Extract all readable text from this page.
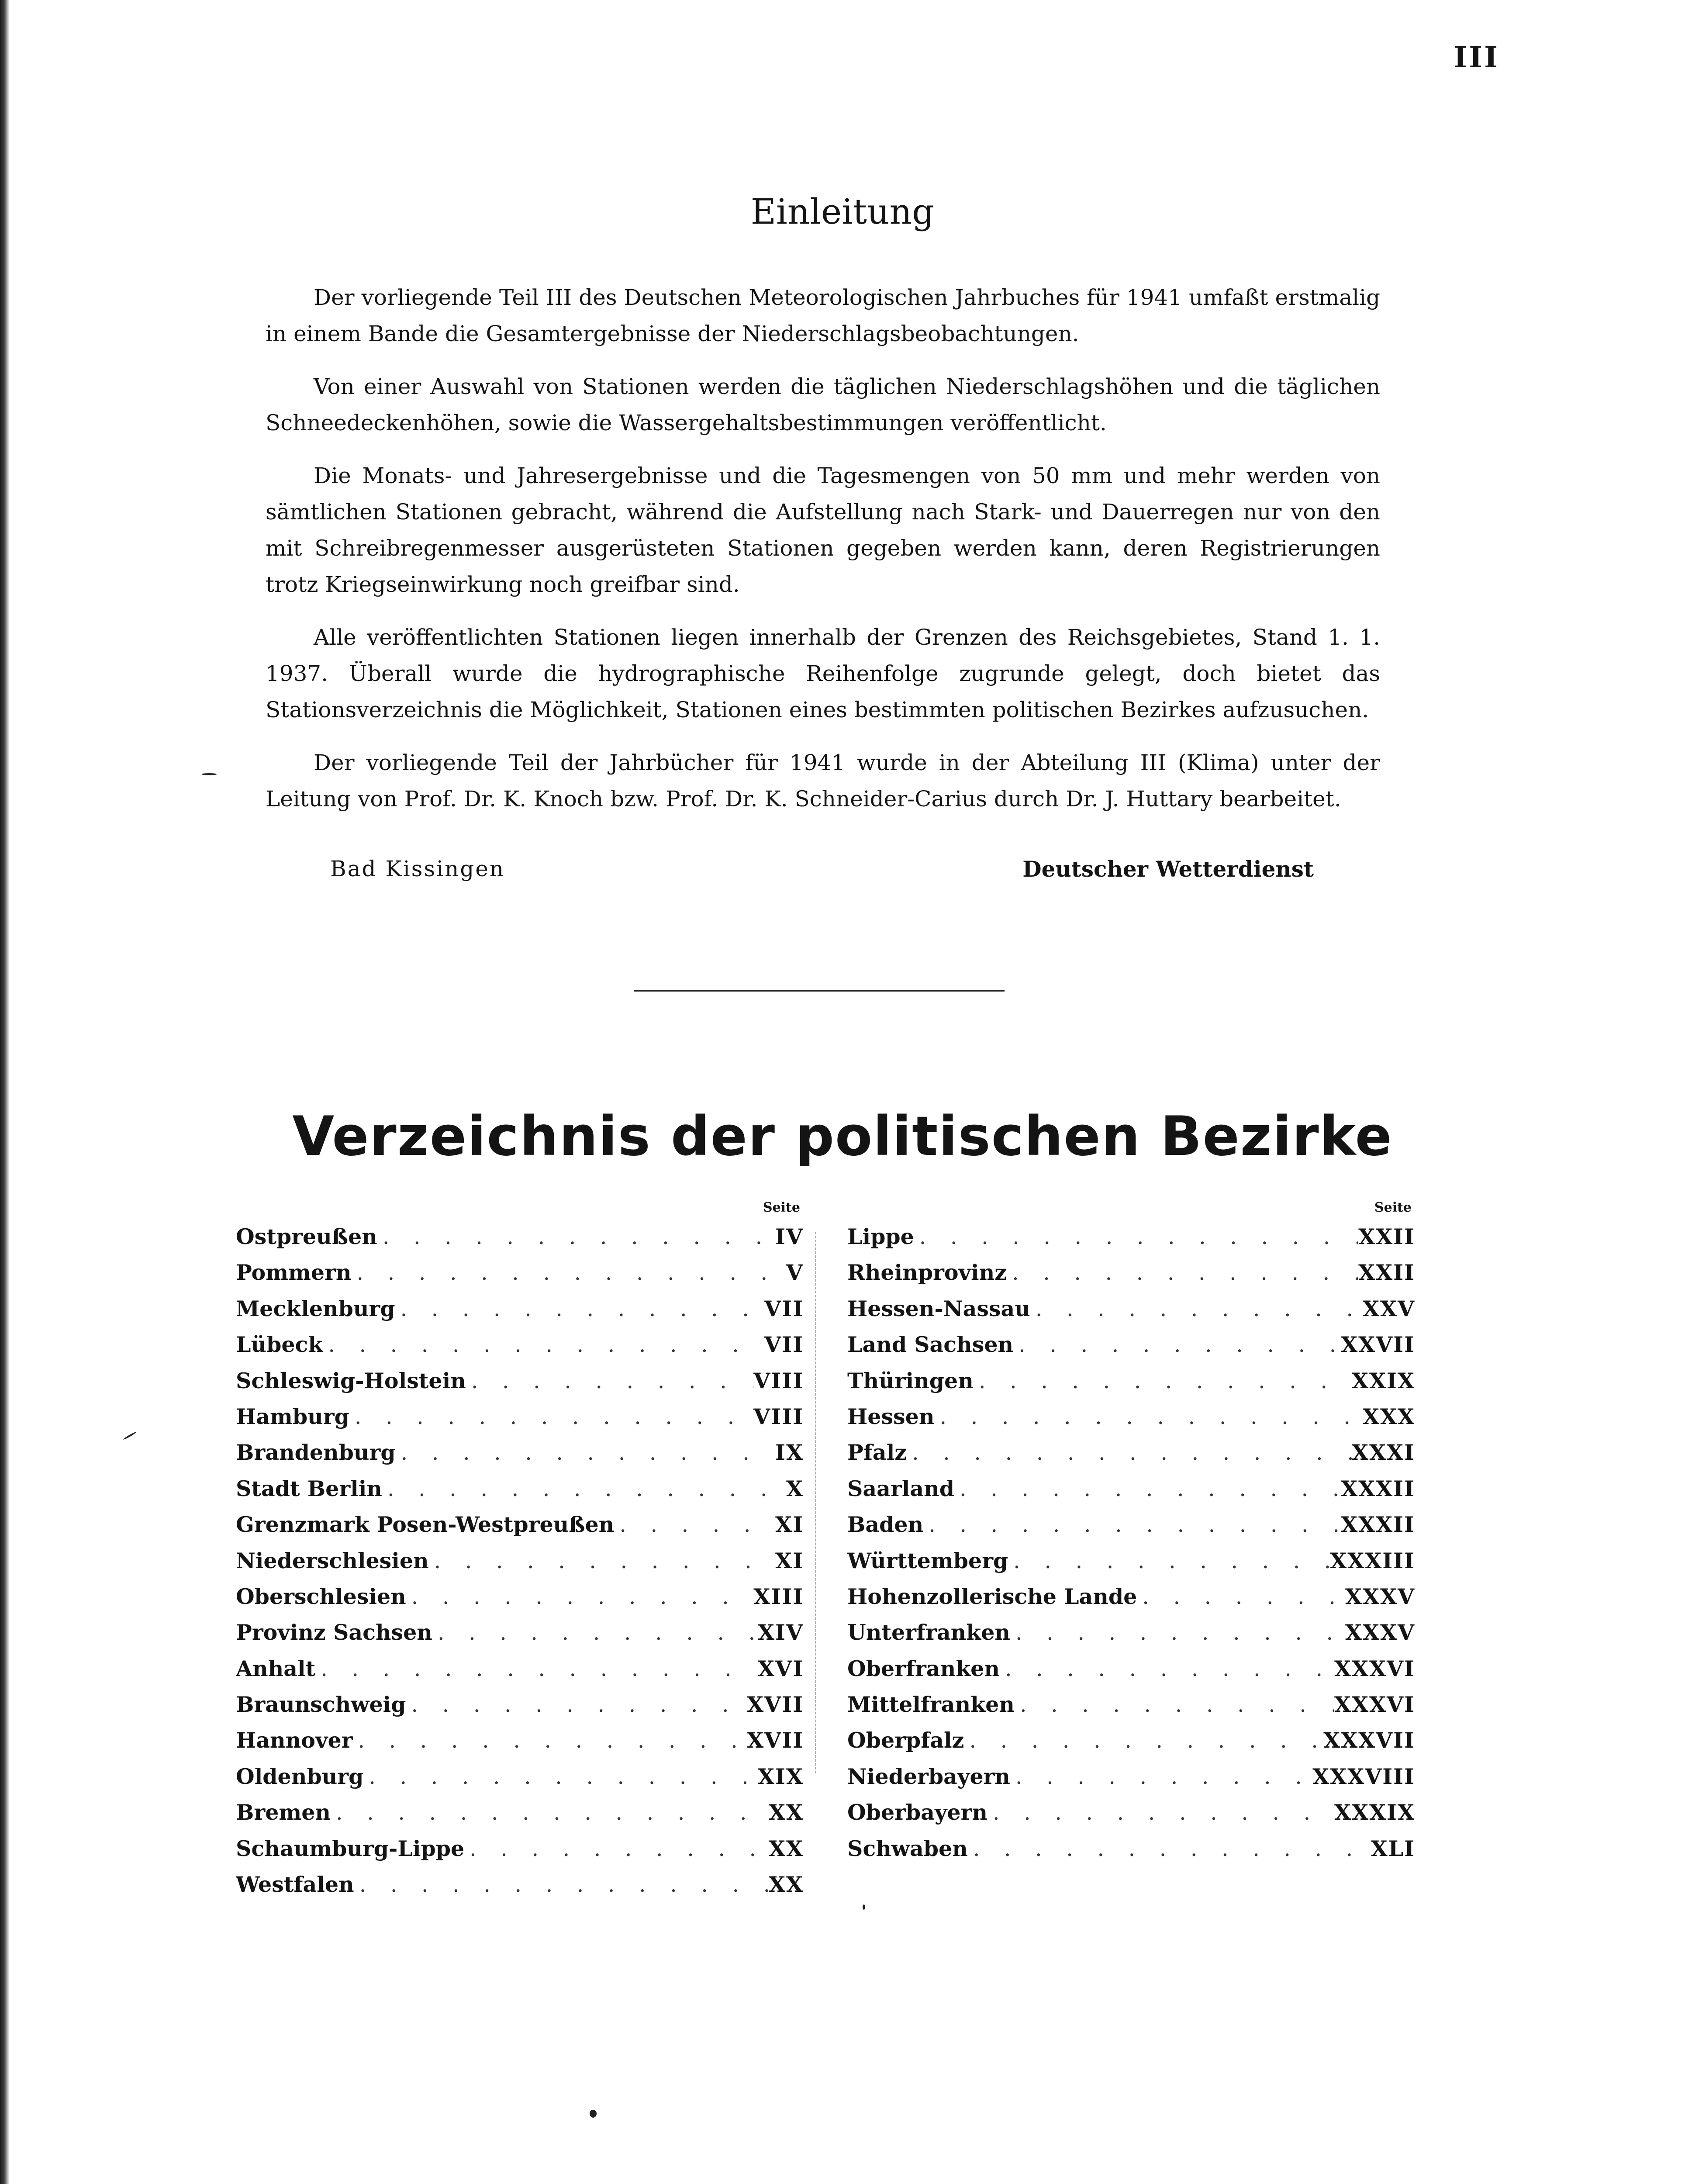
III
Einleitung

Der vorliegende Teil III des Deutschen Meteorologischen Jahrbuches für 1941 umfaßt erstmalig in einem Bande die Gesamtergebnisse der Niederschlagsbeobachtungen.

Von einer Auswahl von Stationen werden die täglichen Niederschlagshöhen und die täglichen Schneedeckenhöhen, sowie die Wassergehaltsbestimmungen veröffentlicht.

Die Monats- und Jahresergebnisse und die Tagesmengen von 50 mm und mehr werden von sämtlichen Stationen gebracht, während die Aufstellung nach Stark- und Dauerregen nur von den mit Schreibregenmesser ausgerüsteten Stationen gegeben werden kann, deren Registrierungen trotz Kriegseinwirkung noch greifbar sind.

Alle veröffentlichten Stationen liegen innerhalb der Grenzen des Reichsgebietes, Stand 1. 1. 1937. Überall wurde die hydrographische Reihenfolge zugrunde gelegt, doch bietet das Stationsverzeichnis die Möglichkeit, Stationen eines bestimmten politischen Bezirkes aufzusuchen.

Der vorliegende Teil der Jahrbücher für 1941 wurde in der Abteilung III (Klima) unter der Leitung von Prof. Dr. K. Knoch bzw. Prof. Dr. K. Schneider-Carius durch Dr. J. Huttary bearbeitet.

Bad Kissingen	Deutscher Wetterdienst
Verzeichnis der politischen Bezirke
Seite
Ostpreußen . . .	IV
Pommern . . .	V
Mecklenburg . . .	VII
Lübeck . . .	VII
Schleswig-Holstein . . .	VIII
Hamburg . . .	VIII
Brandenburg . . .	IX
Stadt Berlin . . .	X
Grenzmark Posen-Westpreußen . . .	XI
Niederschlesien . . .	XI
Oberschlesien . . .	XIII
Provinz Sachsen . . .	XIV
Anhalt . . .	XVI
Braunschweig . . .	XVII
Hannover . . .	XVII
Oldenburg . . .	XIX
Bremen . . .	XX
Schaumburg-Lippe . . .	XX
Westfalen . . .	XX
Seite
Lippe . . .	XXII
Rheinprovinz . . .	XXII
Hessen-Nassau . . .	XXV
Land Sachsen . . .	XXVII
Thüringen . . .	XXIX
Hessen . . .	XXX
Pfalz . . .	XXXI
Saarland . . .	XXXII
Baden . . .	XXXII
Württemberg . . .	XXXIII
Hohenzollerische Lande . . .	XXXV
Unterfranken . . .	XXXV
Oberfranken . . .	XXXVI
Mittelfranken . . .	XXXVI
Oberpfalz . . .	XXXVII
Niederbayern . . .	XXXVIII
Oberbayern . . .	XXXIX
Schwaben . . .	XLI
